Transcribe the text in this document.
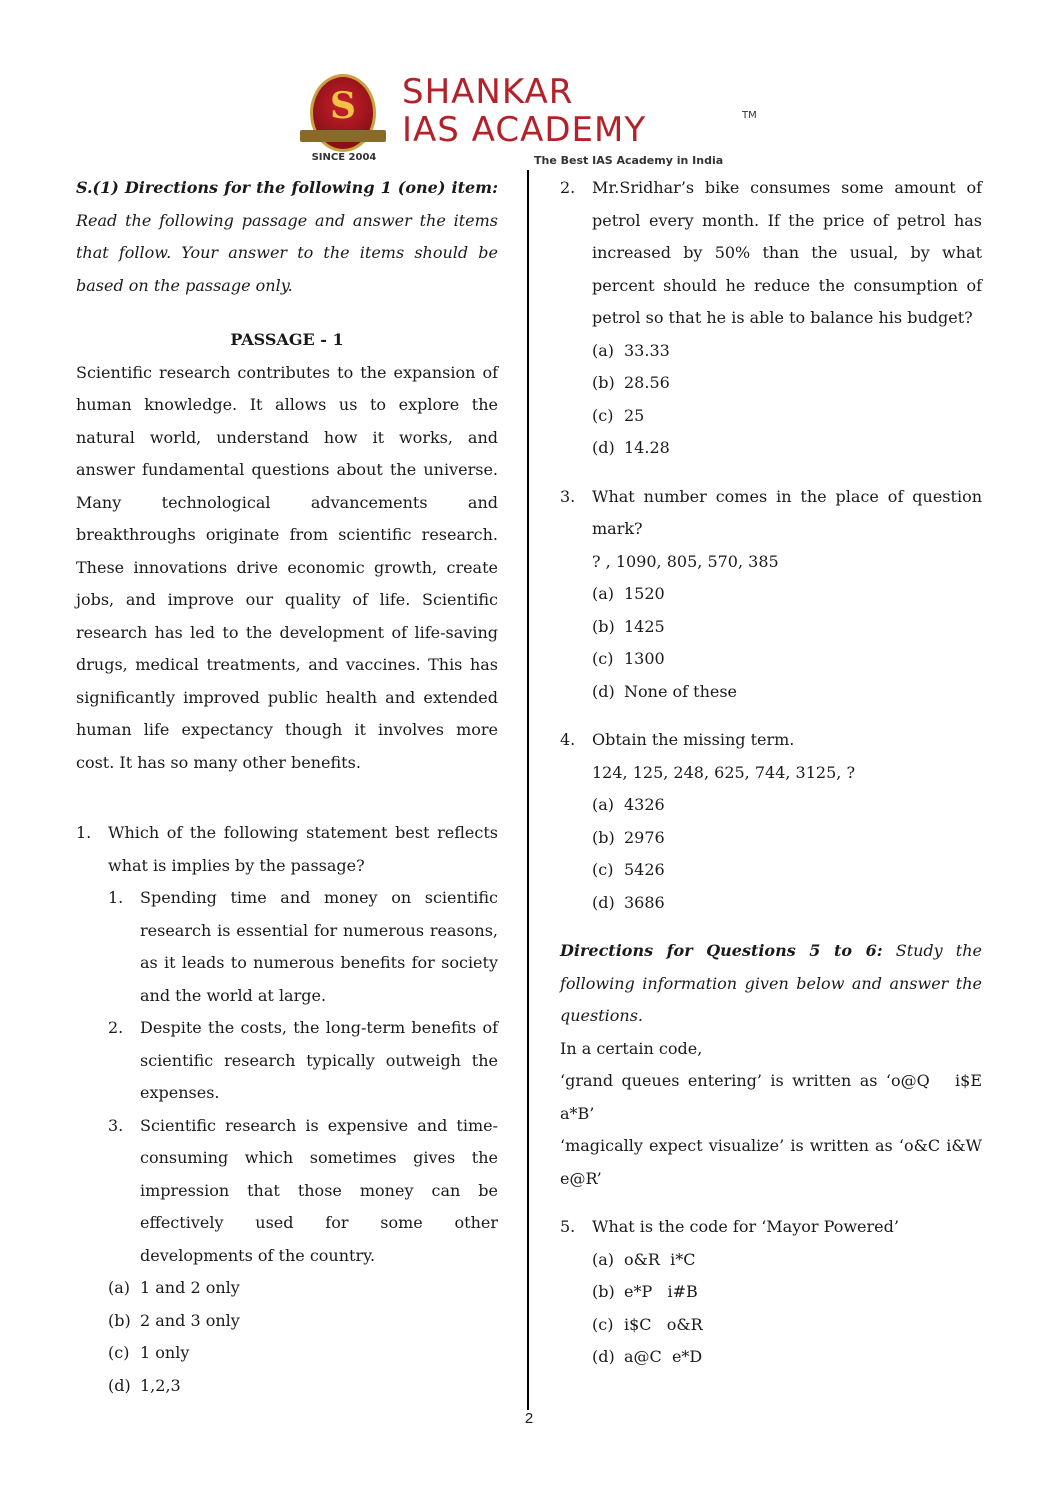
S
SINCE 2004
SHANKAR
IAS ACADEMY	TM
The Best IAS Academy in India
S.(1) Directions for the following 1 (one) item: Read the following passage and answer the items that follow. Your answer to the items should be based on the passage only.
PASSAGE - 1
Scientific research contributes to the expansion of human knowledge. It allows us to explore the natural world, understand how it works, and answer fundamental questions about the universe. Many technological advancements and breakthroughs originate from scientific research. These innovations drive economic growth, create jobs, and improve our quality of life. Scientific research has led to the development of life-saving drugs, medical treatments, and vaccines. This has significantly improved public health and extended human life expectancy though it involves more cost. It has so many other benefits.
1.	Which of the following statement best reflects what is implies by the passage?
1.	Spending time and money on scientific research is essential for numerous reasons, as it leads to numerous benefits for society and the world at large.
2.	Despite the costs, the long-term benefits of scientific research typically outweigh the expenses.
3.	Scientific research is expensive and time-consuming which sometimes gives the impression that those money can be effectively used for some other developments of the country.
(a) 1 and 2 only
(b) 2 and 3 only
(c) 1 only
(d) 1,2,3
2.	Mr.Sridhar’s bike consumes some amount of petrol every month. If the price of petrol has increased by 50% than the usual, by what percent should he reduce the consumption of petrol so that he is able to balance his budget?
(a) 33.33
(b) 28.56
(c) 25
(d) 14.28
3.	What number comes in the place of question mark?
? , 1090, 805, 570, 385
(a) 1520
(b) 1425
(c) 1300
(d) None of these
4.	Obtain the missing term.
124, 125, 248, 625, 744, 3125, ?
(a) 4326
(b) 2976
(c) 5426
(d) 3686
Directions for Questions 5 to 6: Study the following information given below and answer the questions.
In a certain code,
‘grand queues entering’ is written as ‘o@Q   i$E a*B’
‘magically expect visualize’ is written as ‘o&C i&W   e@R’
5.	What is the code for ‘Mayor Powered’
(a) o&R  i*C
(b) e*P   i#B
(c) i$C   o&R
(d) a@C  e*D
2
